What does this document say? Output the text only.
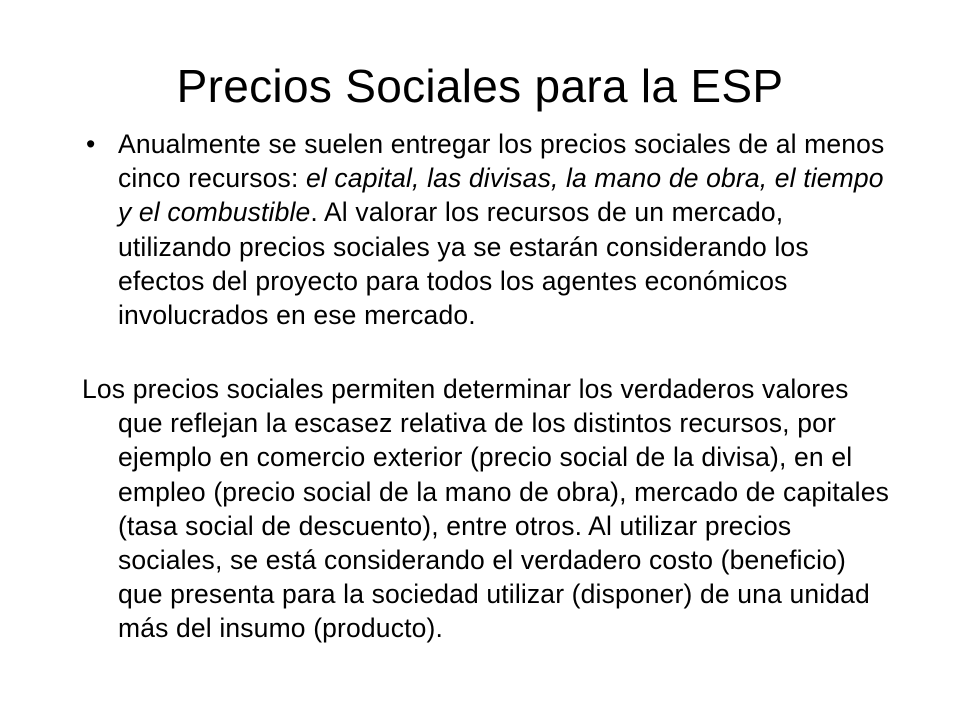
Precios Sociales para la ESP
• Anualmente se suelen entregar los precios sociales de al menos cinco recursos: el capital, las divisas, la mano de obra, el tiempo y el combustible. Al valorar los recursos de un mercado, utilizando precios sociales ya se estarán considerando los efectos del proyecto para todos los agentes económicos involucrados en ese mercado.

Los precios sociales permiten determinar los verdaderos valores que reflejan la escasez relativa de los distintos recursos, por ejemplo en comercio exterior (precio social de la divisa), en el empleo (precio social de la mano de obra), mercado de capitales (tasa social de descuento), entre otros. Al utilizar precios sociales, se está considerando el verdadero costo (beneficio) que presenta para la sociedad utilizar (disponer) de una unidad más del insumo (producto).
